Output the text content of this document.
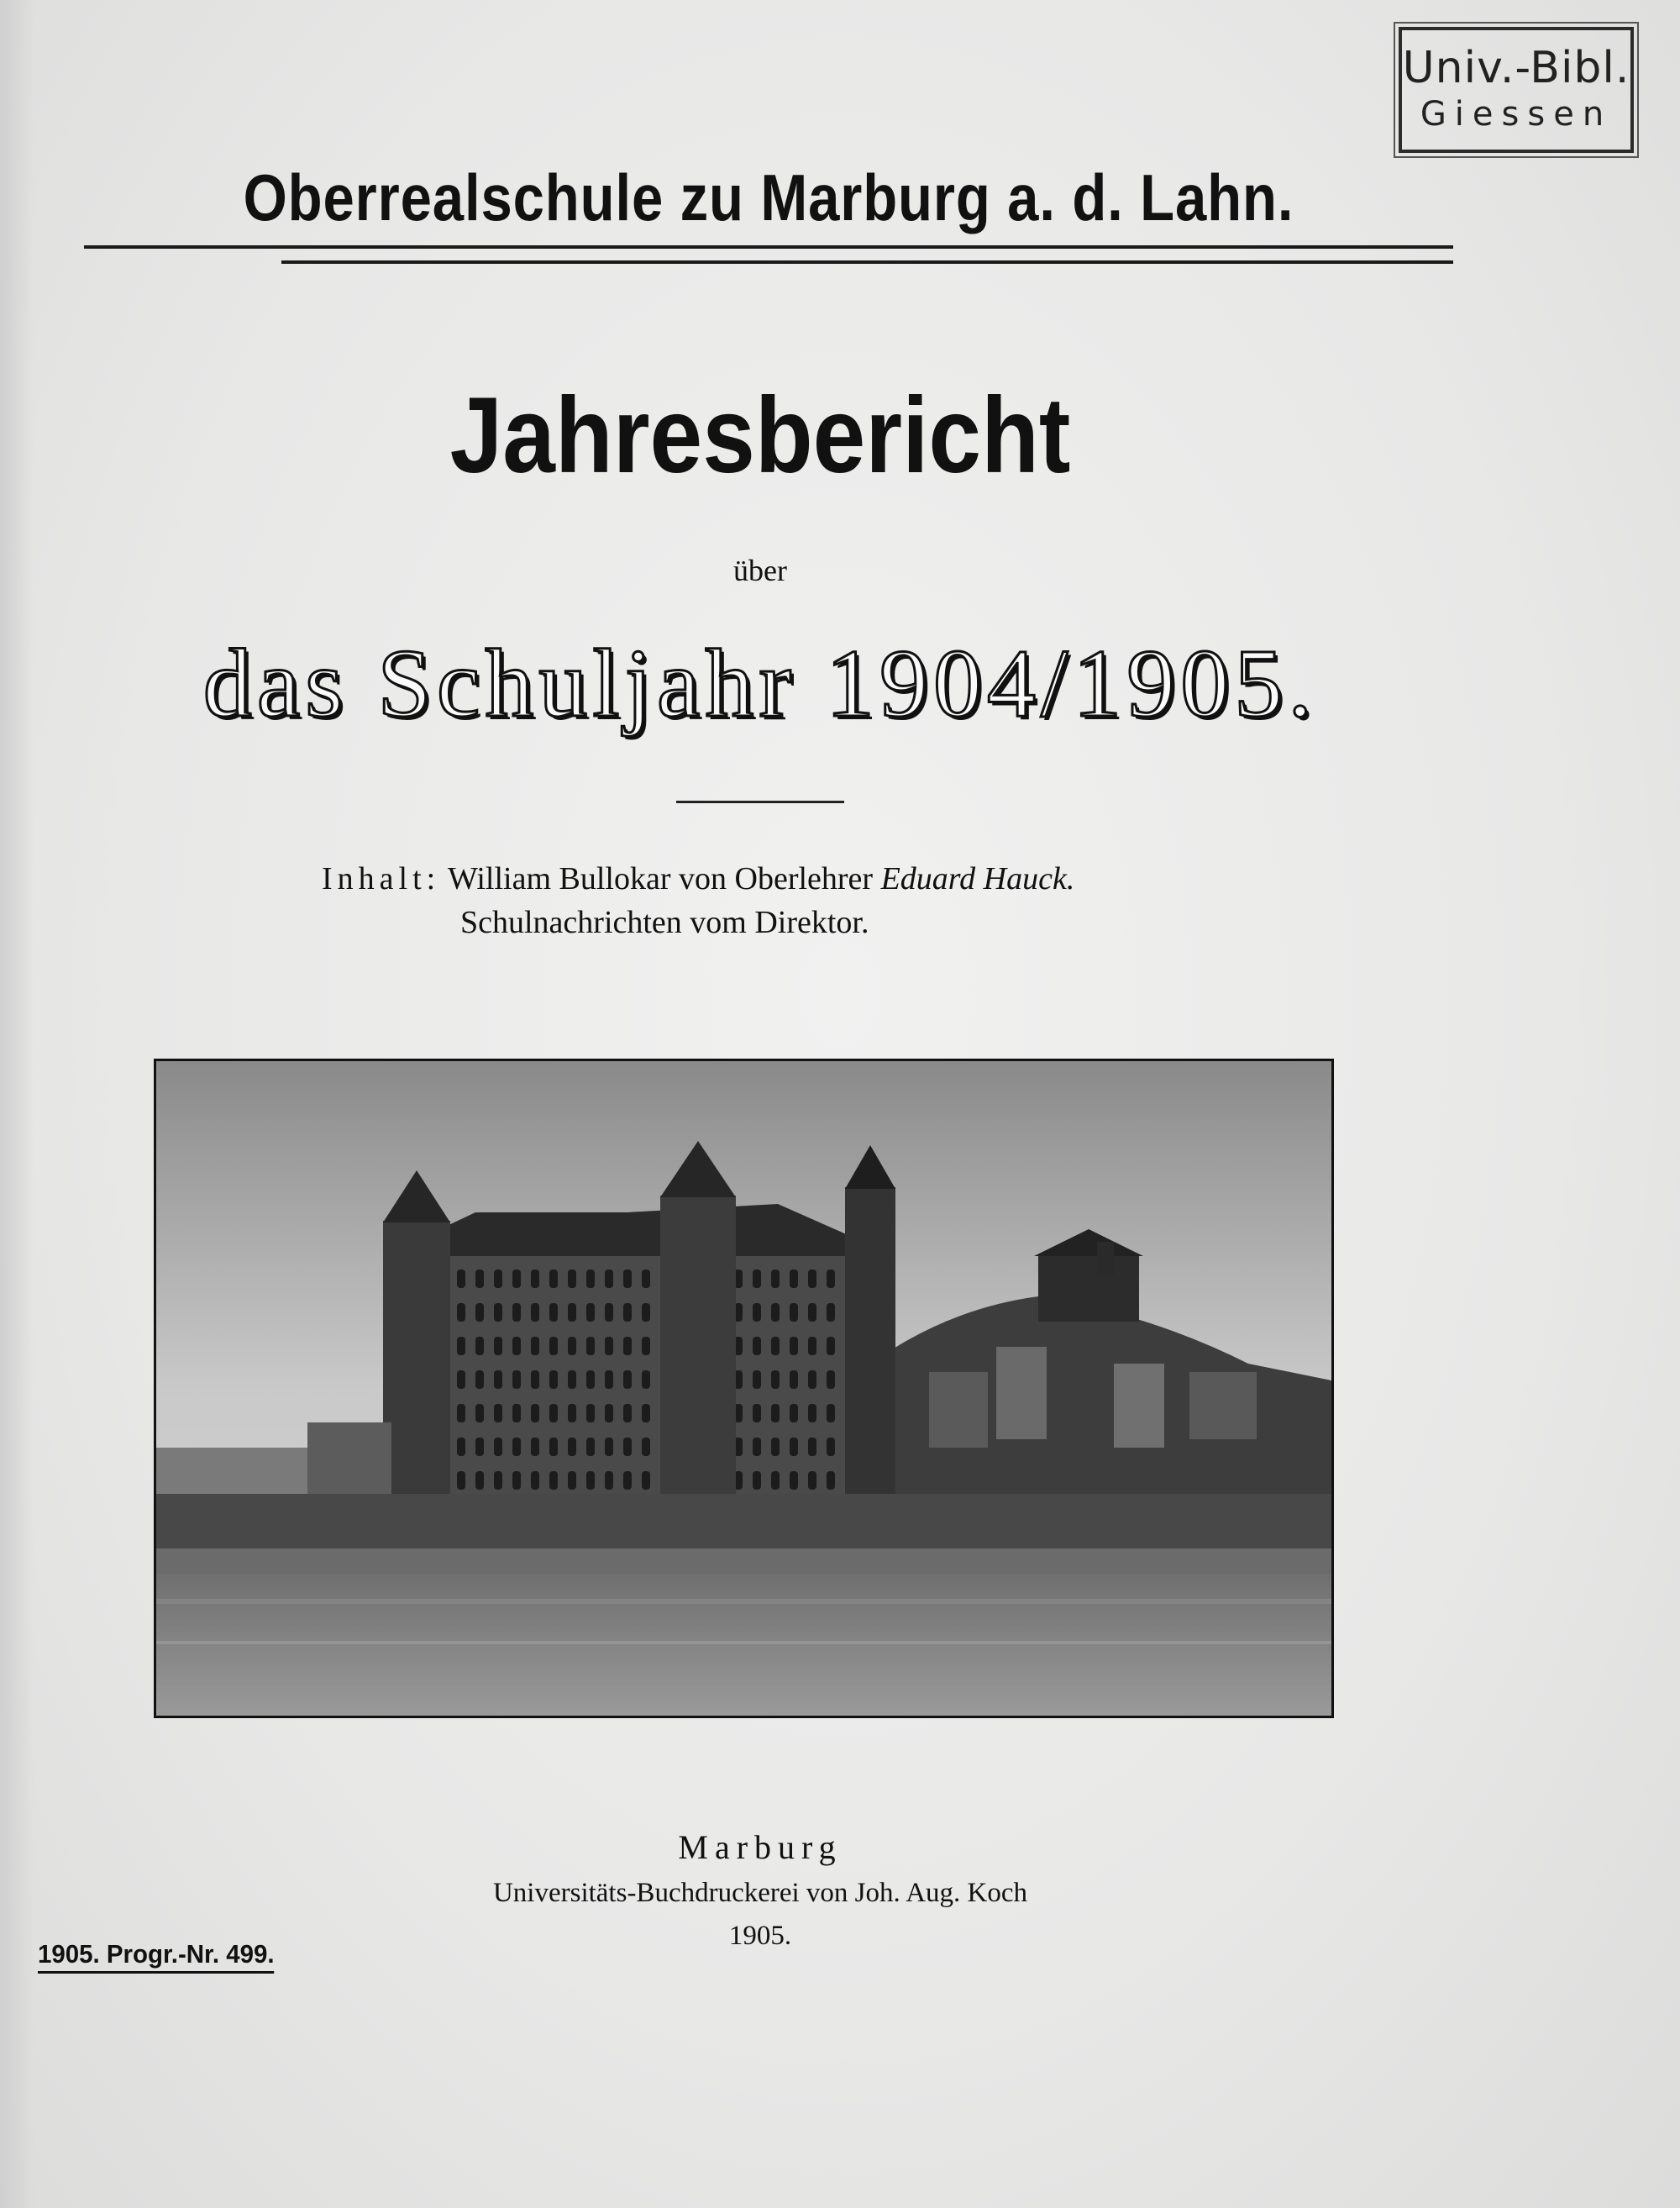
Univ.-Bibl.
Giessen
Oberrealschule zu Marburg a. d. Lahn.
Jahresbericht
über
das Schuljahr 1904/1905.
Inhalt: William Bullokar von Oberlehrer Eduard Hauck.
Schulnachrichten vom Direktor.
Marburg
Universitäts-Buchdruckerei von Joh. Aug. Koch
1905.
1905. Progr.-Nr. 499.
